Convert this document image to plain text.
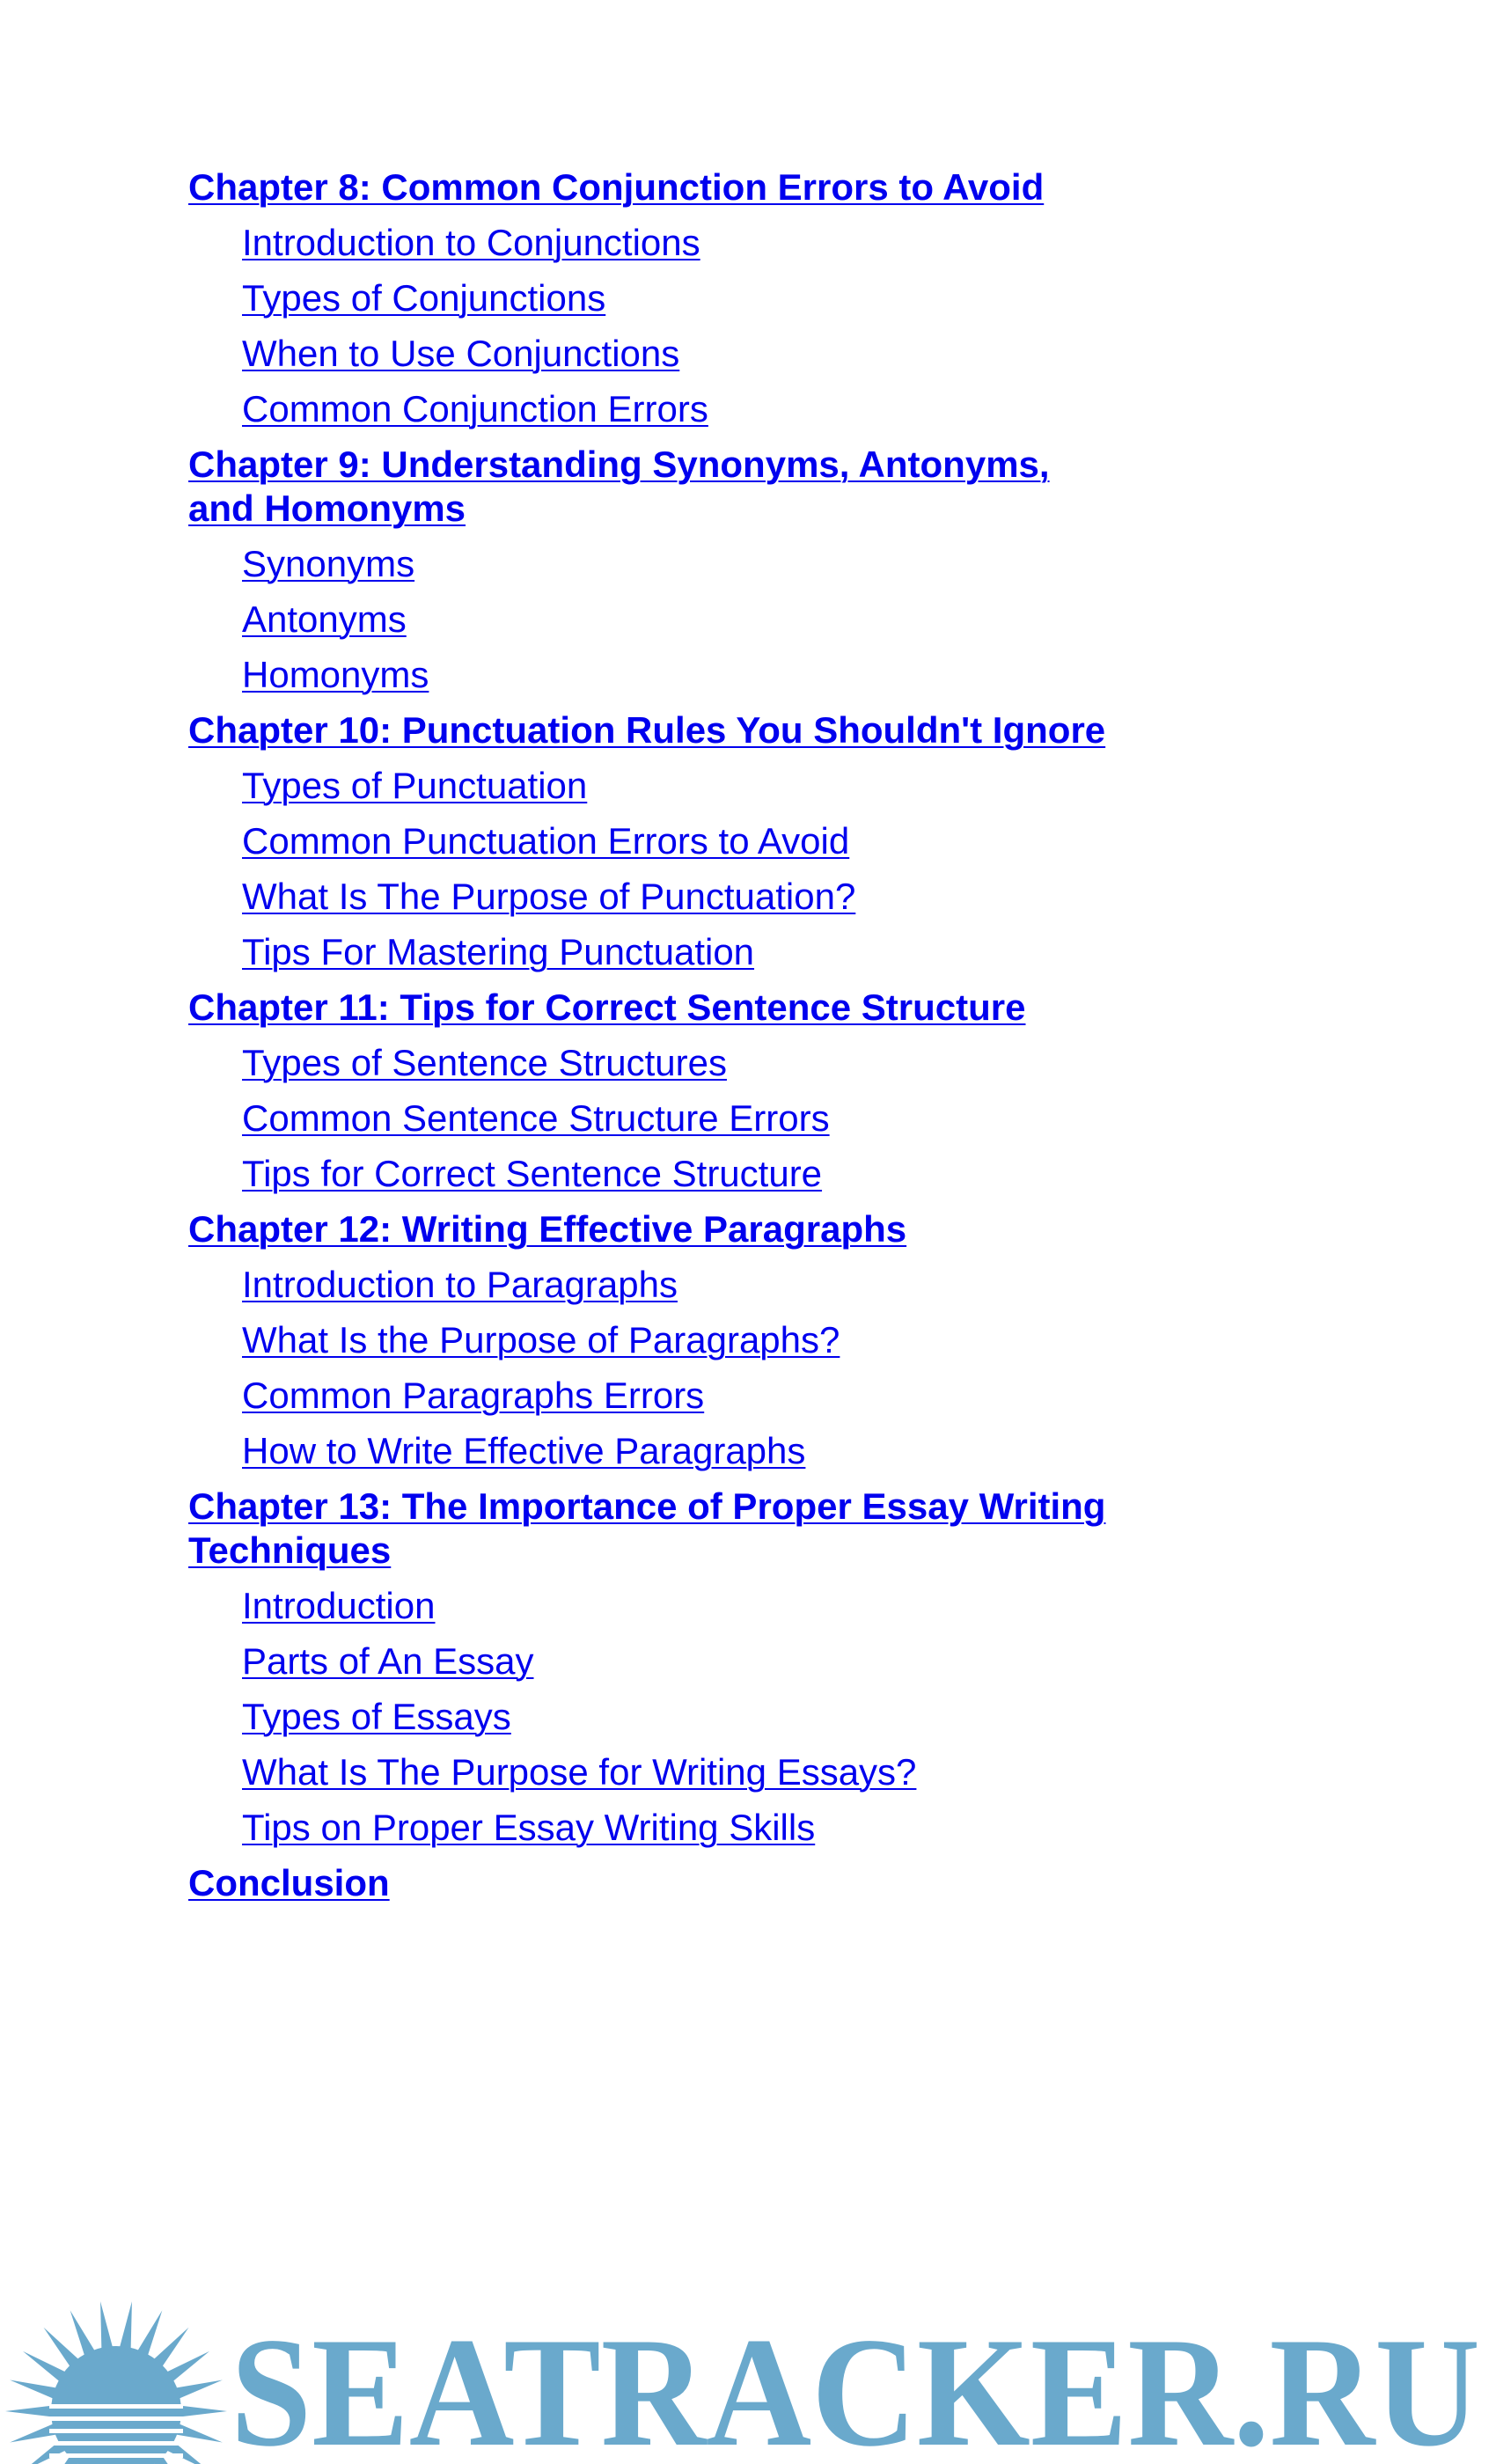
Chapter 8: Common Conjunction Errors to Avoid
Introduction to Conjunctions
Types of Conjunctions
When to Use Conjunctions
Common Conjunction Errors
Chapter 9: Understanding Synonyms, Antonyms, and Homonyms
Synonyms
Antonyms
Homonyms
Chapter 10: Punctuation Rules You Shouldn't Ignore
Types of Punctuation
Common Punctuation Errors to Avoid
What Is The Purpose of Punctuation?
Tips For Mastering Punctuation
Chapter 11: Tips for Correct Sentence Structure
Types of Sentence Structures
Common Sentence Structure Errors
Tips for Correct Sentence Structure
Chapter 12: Writing Effective Paragraphs
Introduction to Paragraphs
What Is the Purpose of Paragraphs?
Common Paragraphs Errors
How to Write Effective Paragraphs
Chapter 13: The Importance of Proper Essay Writing Techniques
Introduction
Parts of An Essay
Types of Essays
What Is The Purpose for Writing Essays?
Tips on Proper Essay Writing Skills
Conclusion
SEATRACKER.RU
